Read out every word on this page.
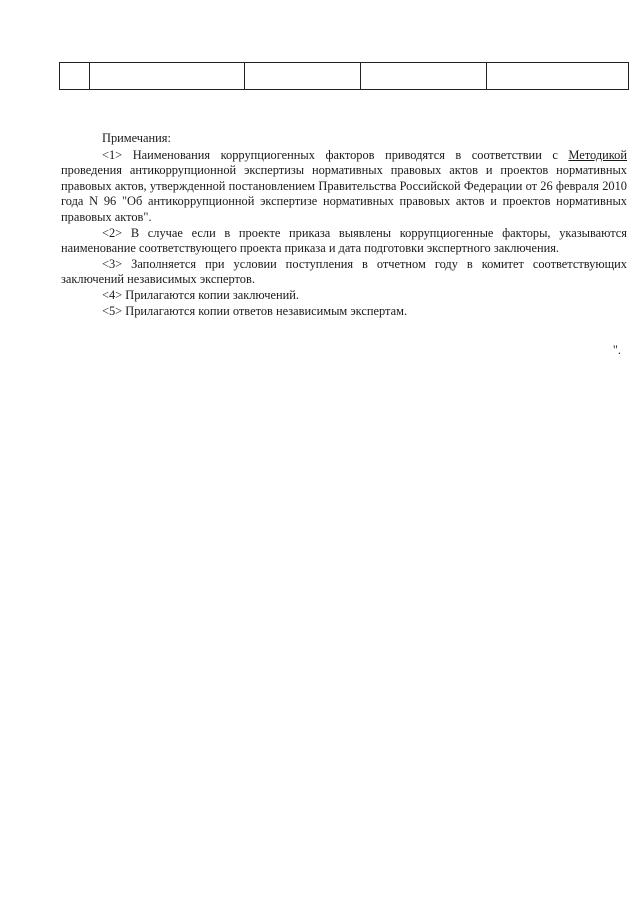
Примечания:

<1> Наименования коррупциогенных факторов приводятся в соответствии с Методикой проведения антикоррупционной экспертизы нормативных правовых актов и проектов нормативных правовых актов, утвержденной постановлением Правительства Российской Федерации от 26 февраля 2010 года N 96 "Об антикоррупционной экспертизе нормативных правовых актов и проектов нормативных правовых актов".

<2> В случае если в проекте приказа выявлены коррупциогенные факторы, указываются наименование соответствующего проекта приказа и дата подготовки экспертного заключения.

<3> Заполняется при условии поступления в отчетном году в комитет соответствующих заключений независимых экспертов.

<4> Прилагаются копии заключений.

<5> Прилагаются копии ответов независимым экспертам.

".
